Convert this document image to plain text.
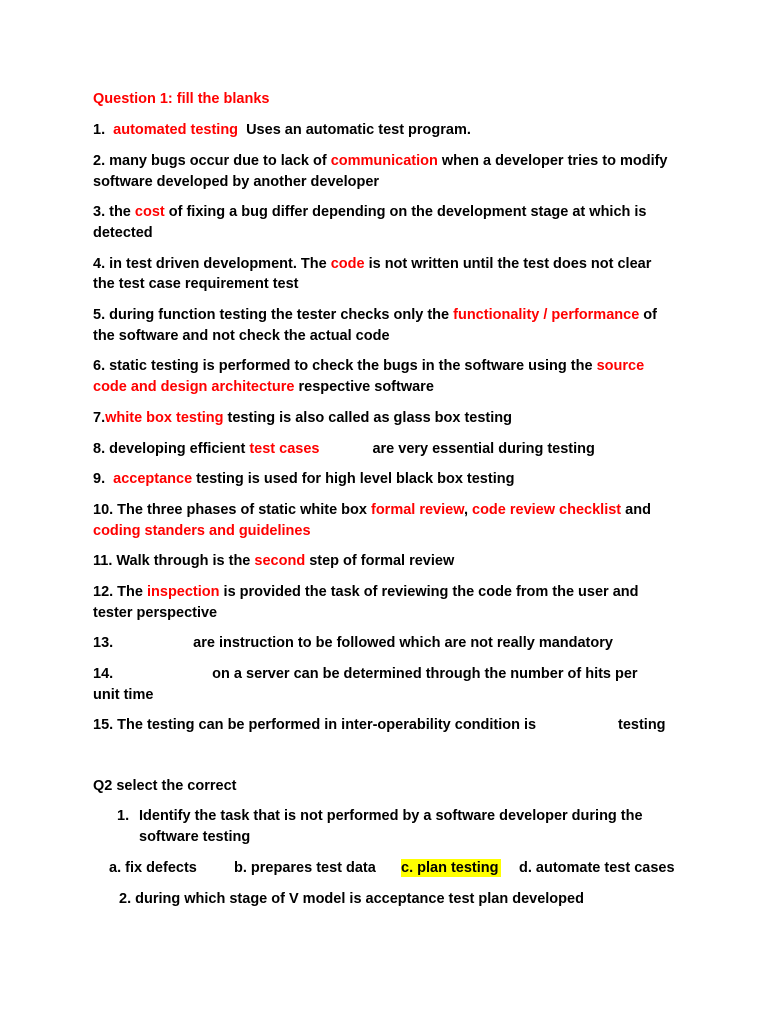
Question 1: fill the blanks
1.  automated testing  Uses an automatic test program.
2. many bugs occur due to lack of communication when a developer tries to modify
software developed by another developer
3. the cost of fixing a bug differ depending on the development stage at which is
detected
4. in test driven development. The code is not written until the test does not clear
the test case requirement test
5. during function testing the tester checks only the functionality / performance of
the software and not check the actual code
6. static testing is performed to check the bugs in the software using the source
code and design architecture respective software
7.white box testing testing is also called as glass box testing
8. developing efficient test cases	are very essential during testing
9.  acceptance testing is used for high level black box testing
10. The three phases of static white box formal review, code review checklist and
coding standers and guidelines
11. Walk through is the second step of formal review
12. The inspection is provided the task of reviewing the code from the user and
tester perspective
13.	are instruction to be followed which are not really mandatory
14.	on a server can be determined through the number of hits per
unit time
15. The testing can be performed in inter-operability condition is	testing
Q2 select the correct
1. Identify the task that is not performed by a software developer during the
software testing
a. fix defects	b. prepares test data c. plan testing d. automate test cases
2. during which stage of V model is acceptance test plan developed
